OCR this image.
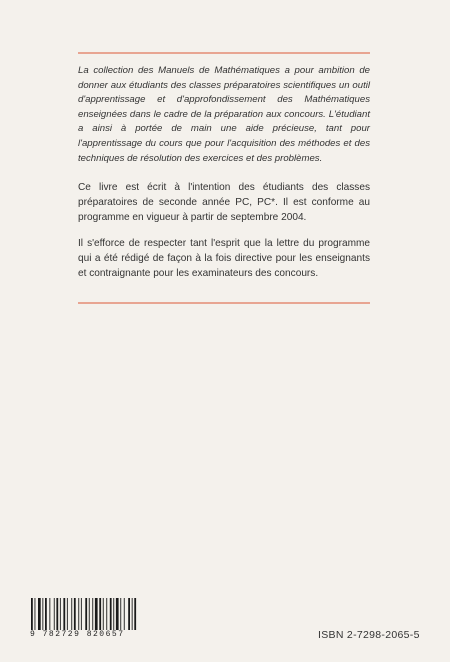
La collection des Manuels de Mathématiques a pour ambition de donner aux étudiants des classes préparatoires scientifiques un outil d'apprentissage et d'approfondissement des Mathématiques enseignées dans le cadre de la préparation aux concours. L'étudiant a ainsi à portée de main une aide précieuse, tant pour l'apprentissage du cours que pour l'acquisition des méthodes et des techniques de résolution des exercices et des problèmes.

Ce livre est écrit à l'intention des étudiants des classes préparatoires de seconde année PC, PC*. Il est conforme au programme en vigueur à partir de septembre 2004.

Il s'efforce de respecter tant l'esprit que la lettre du programme qui a été rédigé de façon à la fois directive pour les enseignants et contraignante pour les examinateurs des concours.

9 782729 820657	ISBN 2-7298-2065-5
